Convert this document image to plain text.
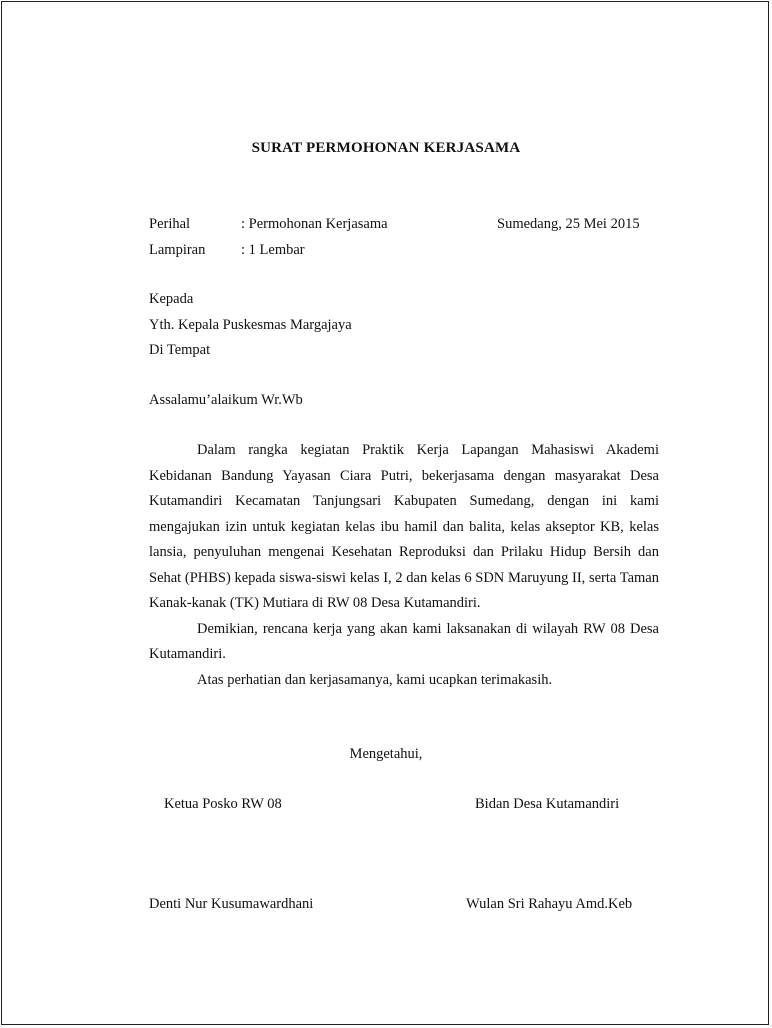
SURAT PERMOHONAN KERJASAMA
Perihal	: Permohonan Kerjasama	Sumedang, 25 Mei 2015
Lampiran : 1 Lembar
Kepada
Yth. Kepala Puskesmas Margajaya
Di Tempat
Assalamu’alaikum Wr.Wb

Dalam rangka kegiatan Praktik Kerja Lapangan Mahasiswi Akademi Kebidanan Bandung Yayasan Ciara Putri, bekerjasama dengan masyarakat Desa Kutamandiri Kecamatan Tanjungsari Kabupaten Sumedang, dengan ini kami mengajukan izin untuk kegiatan kelas ibu hamil dan balita, kelas akseptor KB, kelas lansia, penyuluhan mengenai Kesehatan Reproduksi dan Prilaku Hidup Bersih dan Sehat (PHBS) kepada siswa-siswi kelas I, 2 dan kelas 6 SDN Maruyung II, serta Taman Kanak-kanak (TK) Mutiara di RW 08 Desa Kutamandiri.

Demikian, rencana kerja yang akan kami laksanakan di wilayah RW 08 Desa Kutamandiri.

Atas perhatian dan kerjasamanya, kami ucapkan terimakasih.

Mengetahui,
Ketua Posko RW 08	Bidan Desa Kutamandiri
Denti Nur Kusumawardhani	Wulan Sri Rahayu Amd.Keb
